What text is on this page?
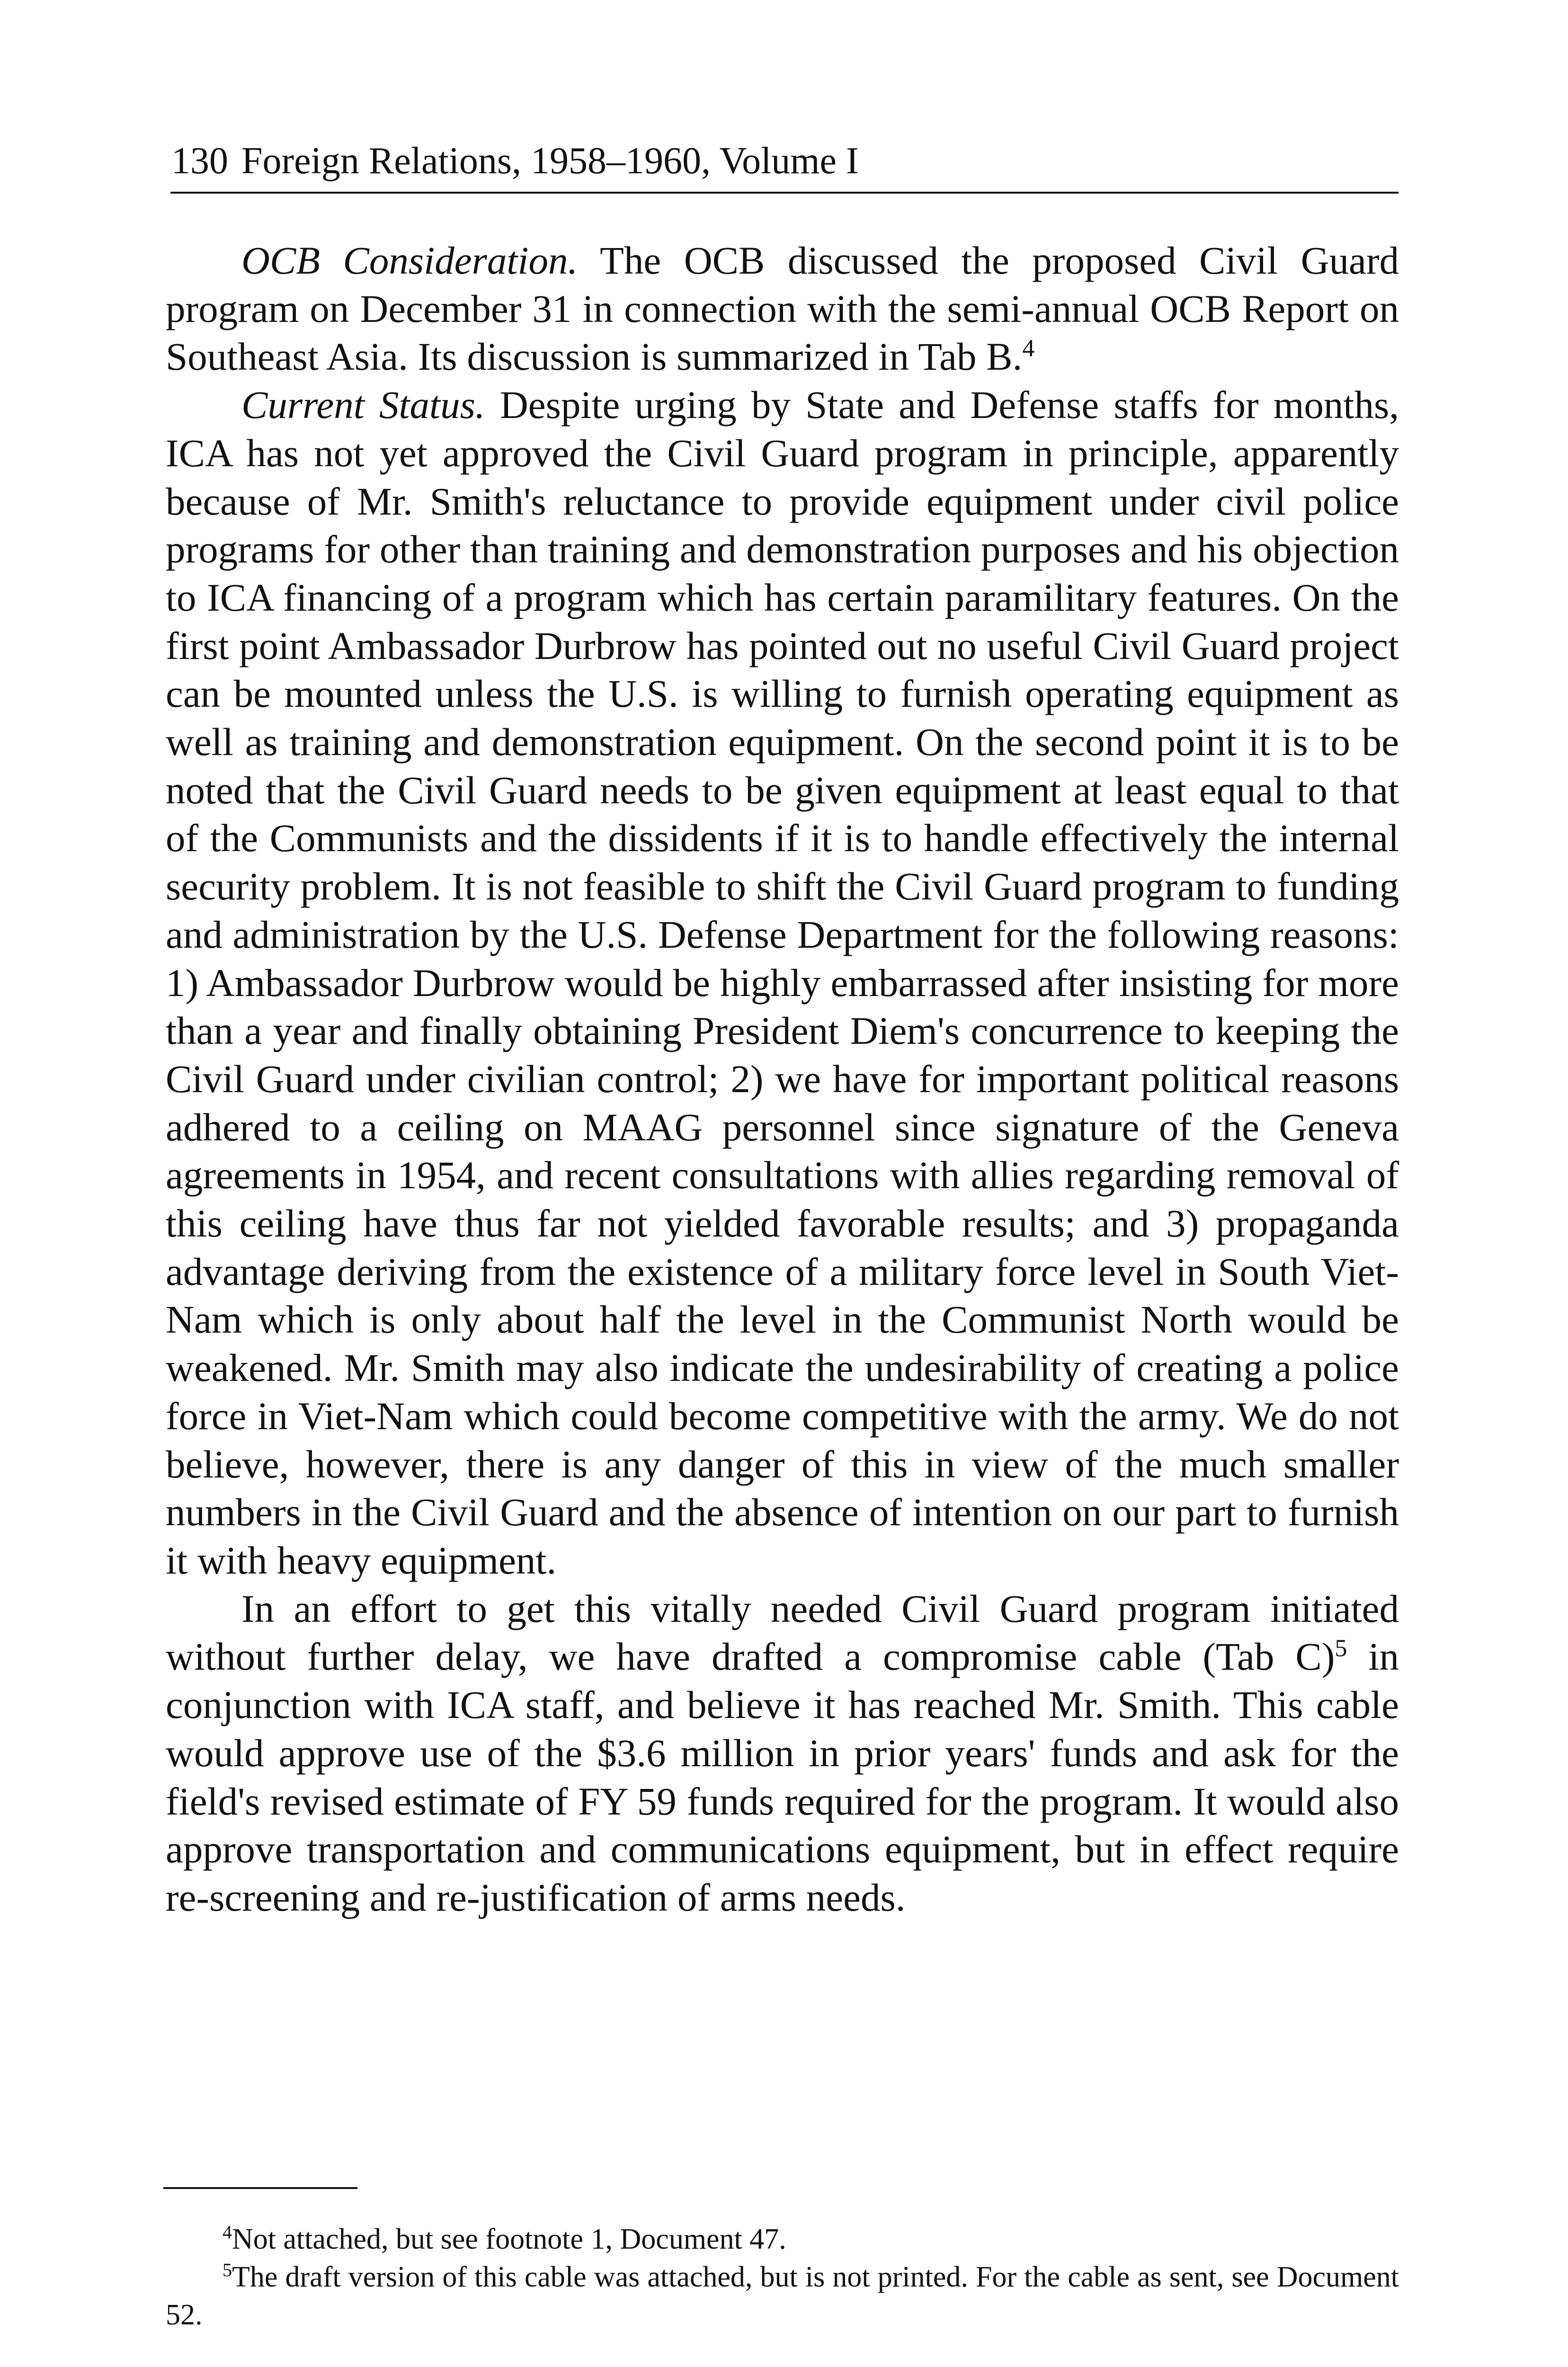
130 Foreign Relations, 1958–1960, Volume I

OCB Consideration. The OCB discussed the proposed Civil Guard program on December 31 in connection with the semi-annual OCB Report on Southeast Asia. Its discussion is summarized in Tab B.$^4$

Current Status. Despite urging by State and Defense staffs for months, ICA has not yet approved the Civil Guard program in principle, apparently because of Mr. Smith's reluctance to provide equipment under civil police programs for other than training and demonstration purposes and his objection to ICA financing of a program which has certain paramilitary features. On the first point Ambassador Durbrow has pointed out no useful Civil Guard project can be mounted unless the U.S. is willing to furnish operating equipment as well as training and demonstration equipment. On the second point it is to be noted that the Civil Guard needs to be given equipment at least equal to that of the Communists and the dissidents if it is to handle effectively the internal security problem. It is not feasible to shift the Civil Guard program to funding and administration by the U.S. Defense Department for the following reasons: 1) Ambassador Durbrow would be highly embarrassed after insisting for more than a year and finally obtaining President Diem's concurrence to keeping the Civil Guard under civilian control; 2) we have for important political reasons adhered to a ceiling on MAAG personnel since signature of the Geneva agreements in 1954, and recent consultations with allies regarding removal of this ceiling have thus far not yielded favorable results; and 3) propaganda advantage deriving from the existence of a military force level in South Viet-Nam which is only about half the level in the Communist North would be weakened. Mr. Smith may also indicate the undesirability of creating a police force in Viet-Nam which could become competitive with the army. We do not believe, however, there is any danger of this in view of the much smaller numbers in the Civil Guard and the absence of intention on our part to furnish it with heavy equipment.

In an effort to get this vitally needed Civil Guard program initiated without further delay, we have drafted a compromise cable (Tab C)$^5$ in conjunction with ICA staff, and believe it has reached Mr. Smith. This cable would approve use of the $3.6 million in prior years' funds and ask for the field's revised estimate of FY 59 funds required for the program. It would also approve transportation and communications equipment, but in effect require re-screening and re-justification of arms needs.

$^4$Not attached, but see footnote 1, Document 47.

$^5$The draft version of this cable was attached, but is not printed. For the cable as sent, see Document 52.
